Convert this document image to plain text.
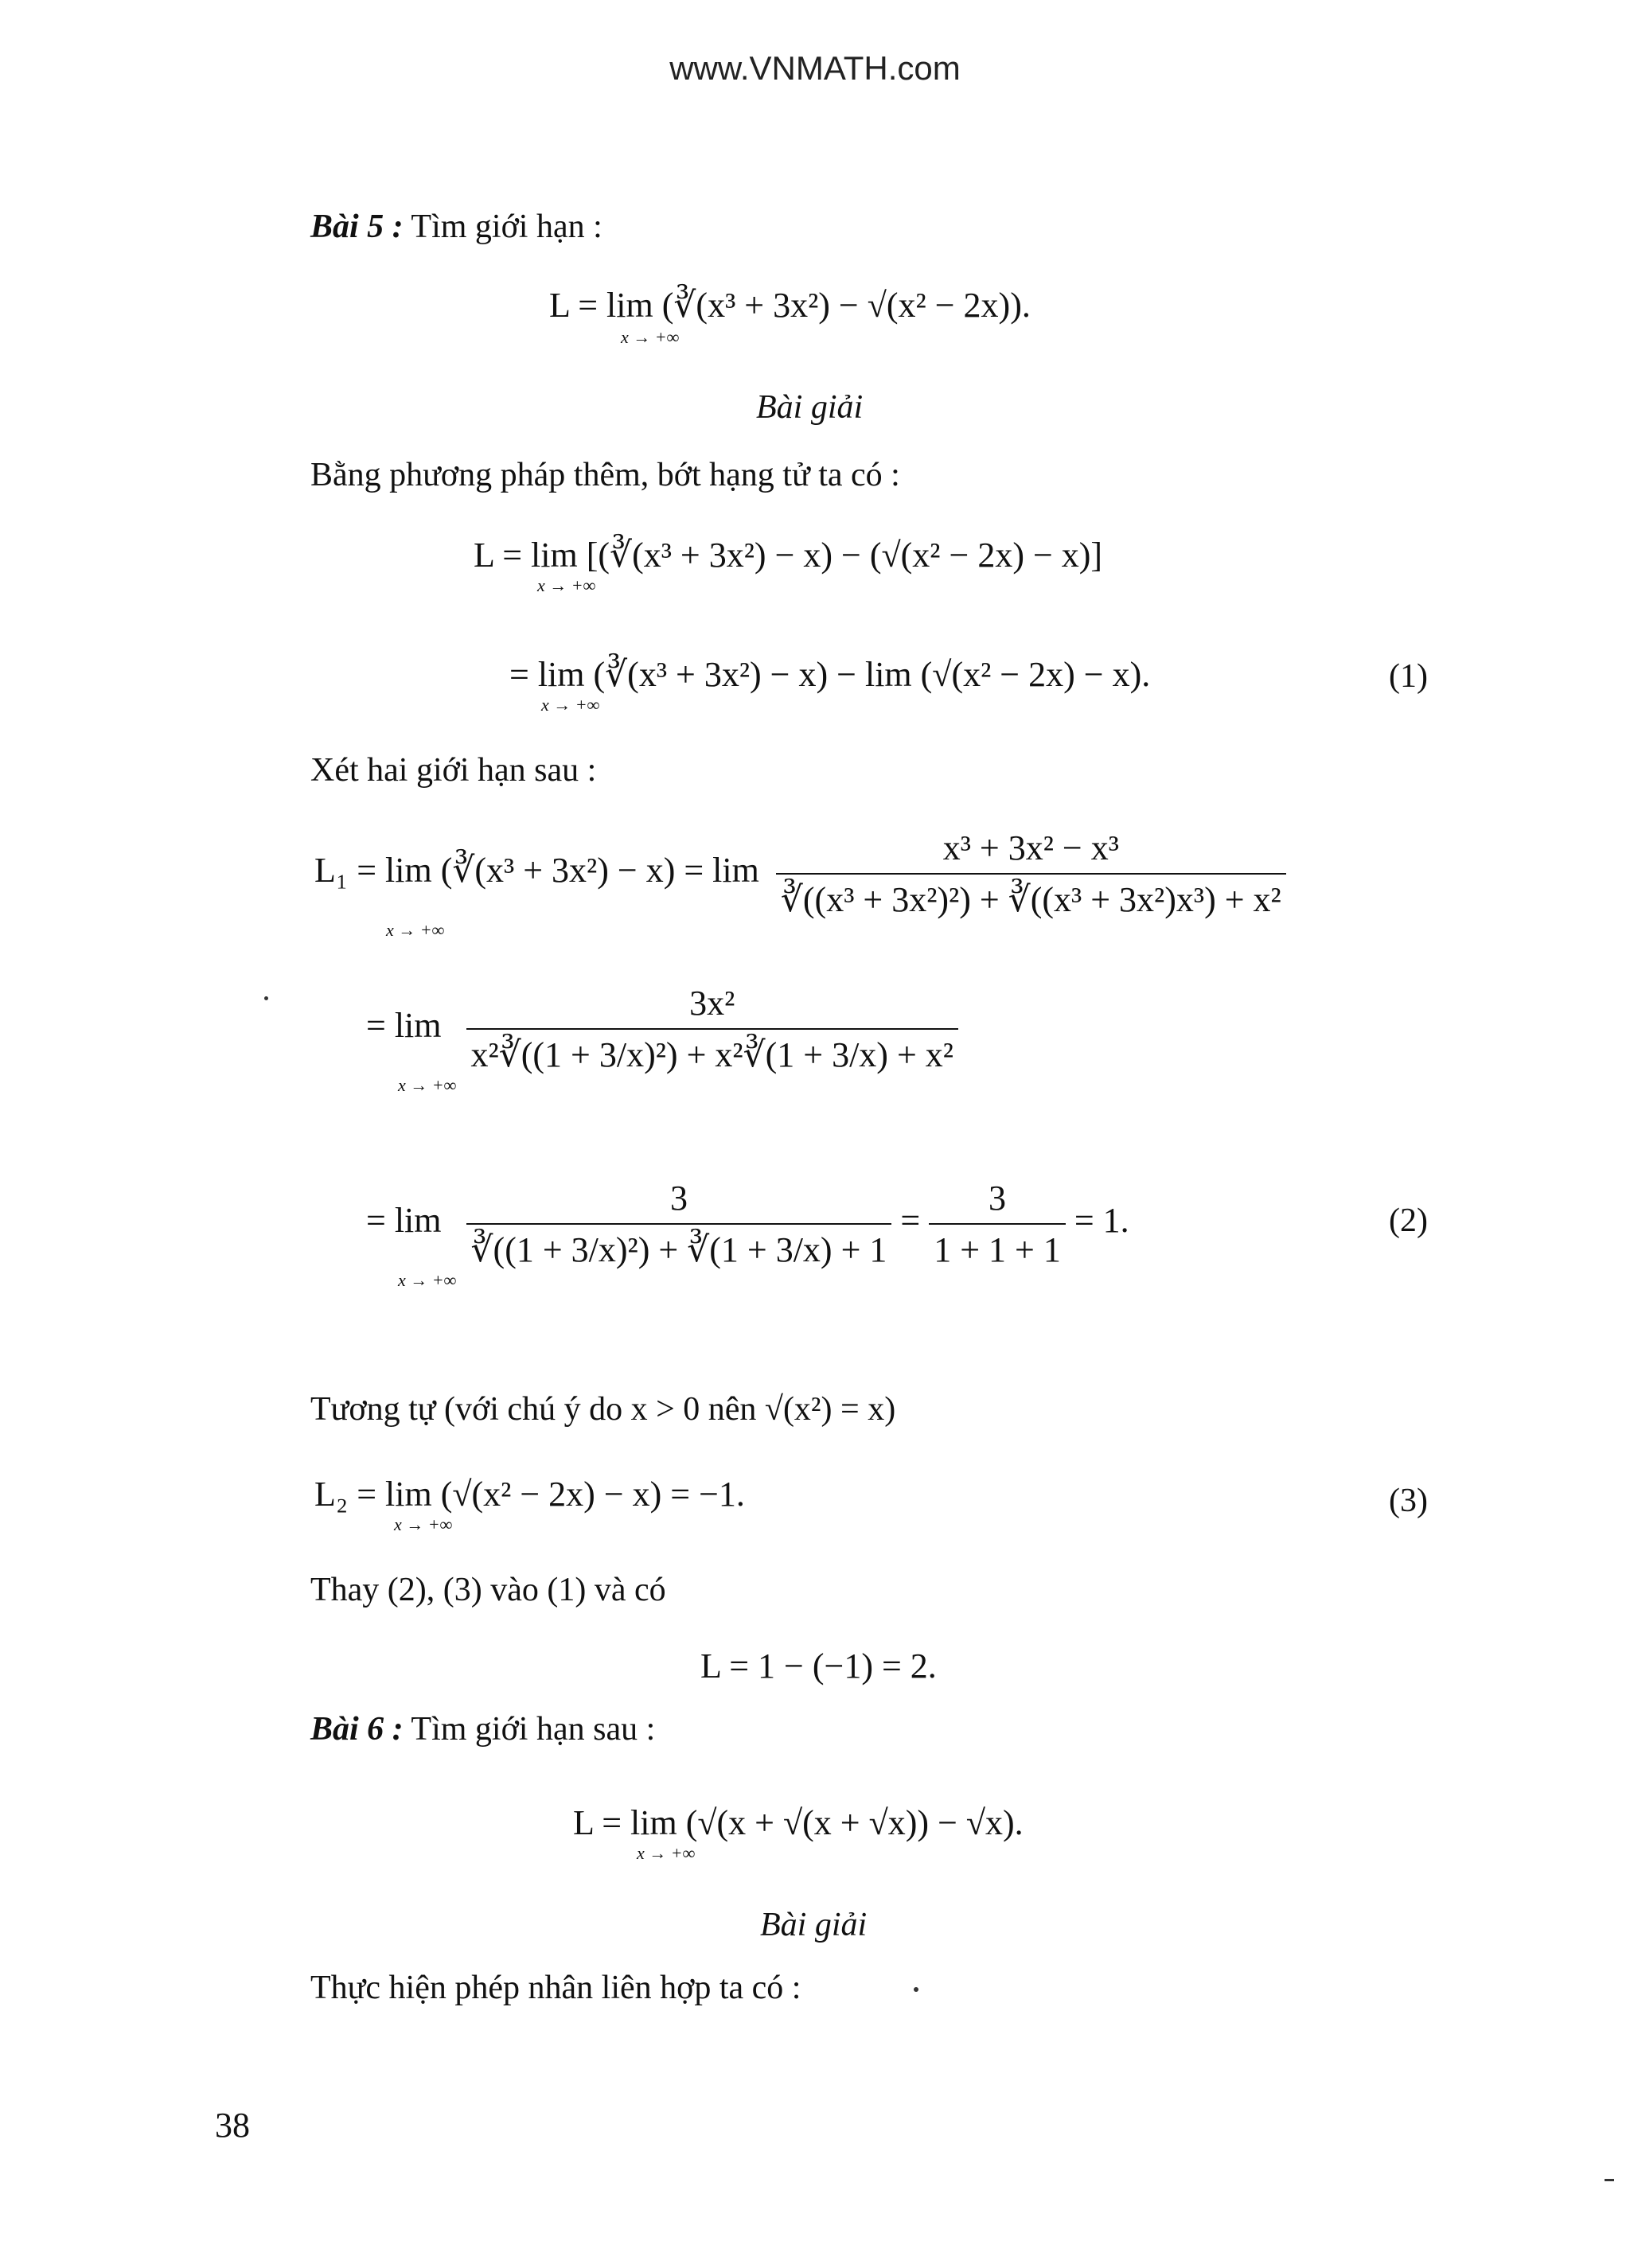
www.VNMATH.com
Bài 5 : Tìm giới hạn :
L = lim (∛(x³ + 3x²) − √(x² − 2x)).
x → +∞
Bài giải
Bằng phương pháp thêm, bớt hạng tử ta có :
L = lim [(∛(x³ + 3x²) − x) − (√(x² − 2x) − x)]
x → +∞
= lim (∛(x³ + 3x²) − x) − lim (√(x² − 2x) − x).
x → +∞
(1)
Xét hai giới hạn sau :
L₁ = lim (∛(x³ + $3x^2) - x) = \lim \frac{\text{x³ + 3x² − x³}}{\text{∛((x³ + 3x²)²) + ∛((x³ + 3x²)x³) + x²}}$
x → +∞
= $\lim \frac{\text{3x²}}{\text{x²∛((1 + 3/x)²) + x²∛(1 + 3/x) + x²}}$
x → +∞
= $\lim \frac{3}{\text{∛((1 + 3/x)²) + ∛(1 + 3/x) + 1}} = \frac{3}{1 + 1 + 1} = 1$.
x → +∞
(2)
Tương tự (với chú ý do x > 0 nên √(x²) = x)
L₂ = lim (√(x² − 2x) − x) = −1.
x → +∞
(3)
Thay (2), (3) vào (1) và có
L = 1 − (−1) = 2.
Bài 6 : Tìm giới hạn sau :
L = lim (√(x + √(x + √x)) − √x).
x → +∞
Bài giải
Thực hiện phép nhân liên hợp ta có :
38
